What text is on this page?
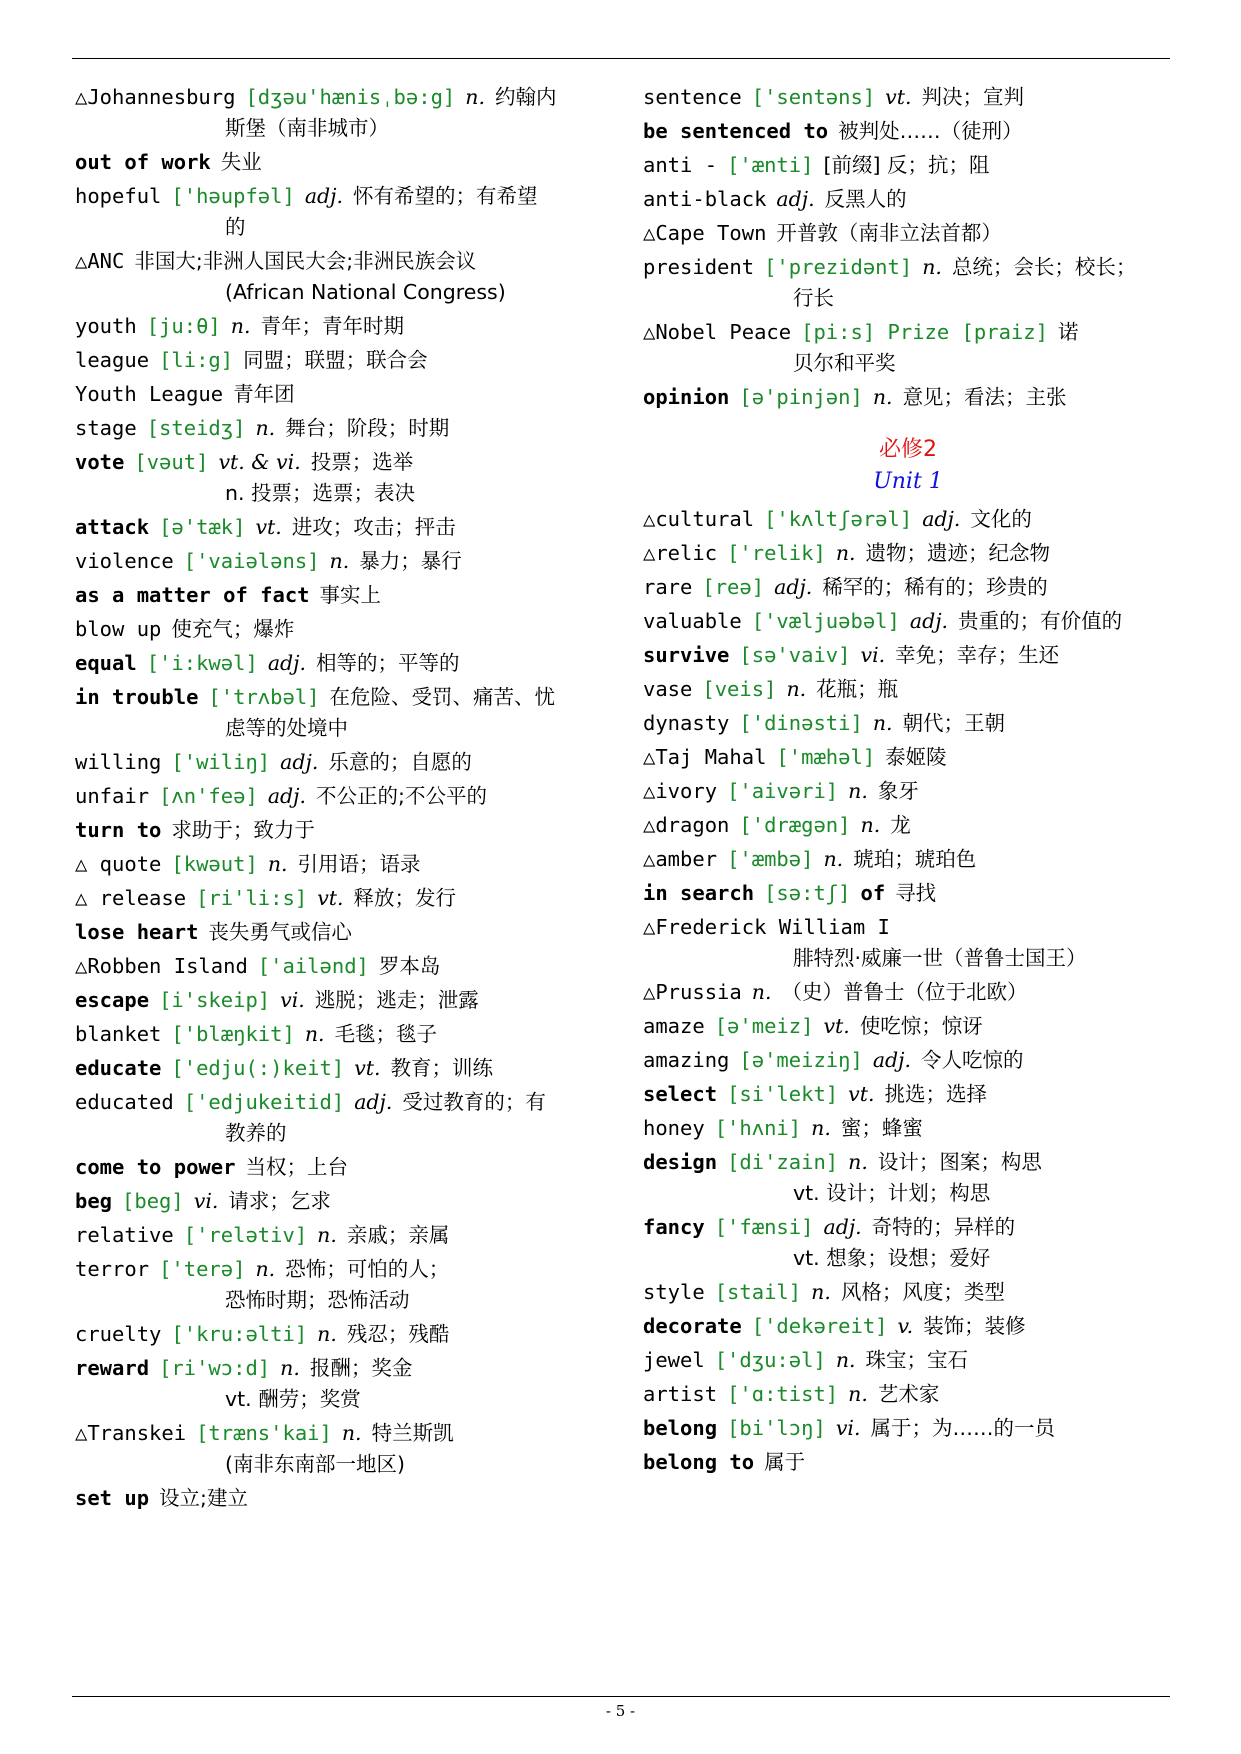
△Johannesburg [dʒəu'hænisˌbə:g] n. 约翰内
斯堡（南非城市）
out of work 失业
hopeful ['həupfəl] adj. 怀有希望的；有希望
的
△ANC 非国大;非洲人国民大会;非洲民族会议
(African National Congress)
youth [ju:θ] n. 青年；青年时期
league [li:g] 同盟；联盟；联合会
Youth League 青年团
stage [steidʒ] n. 舞台；阶段；时期
vote [vəut] vt. & vi. 投票；选举
n. 投票；选票；表决
attack [ə'tæk] vt. 进攻；攻击；抨击
violence ['vaiələns] n. 暴力；暴行
as a matter of fact 事实上
blow up 使充气；爆炸
equal ['i:kwəl] adj. 相等的；平等的
in trouble ['trʌbəl] 在危险、受罚、痛苦、忧
虑等的处境中
willing ['wiliŋ] adj. 乐意的；自愿的
unfair [ʌn'feə] adj. 不公正的;不公平的
turn to 求助于；致力于
△ quote [kwəut] n. 引用语；语录
△ release [ri'li:s] vt. 释放；发行
lose heart 丧失勇气或信心
△Robben Island ['ailənd] 罗本岛
escape [i'skeip] vi. 逃脱；逃走；泄露
blanket ['blæŋkit] n. 毛毯；毯子
educate ['edju(:)keit] vt. 教育；训练
educated ['edjukeitid] adj. 受过教育的；有
教养的
come to power 当权；上台
beg [beg] vi. 请求；乞求
relative ['relətiv] n. 亲戚；亲属
terror ['terə] n. 恐怖；可怕的人；
恐怖时期；恐怖活动
cruelty ['kru:əlti] n. 残忍；残酷
reward [ri'wɔ:d] n. 报酬；奖金
vt. 酬劳；奖赏
△Transkei [træns'kai] n. 特兰斯凯
(南非东南部一地区)
set up 设立;建立
sentence ['sentəns] vt. 判决；宣判
be sentenced to 被判处……（徒刑）
anti - ['ænti] [前缀] 反；抗；阻
anti-black adj. 反黑人的
△Cape Town 开普敦（南非立法首都）
president ['prezidənt] n. 总统；会长；校长；
行长
△Nobel Peace [pi:s] Prize [praiz] 诺
贝尔和平奖
opinion [ə'pinjən] n. 意见；看法；主张
必修2
Unit 1
△cultural ['kʌltʃərəl] adj. 文化的
△relic ['relik] n. 遗物；遗迹；纪念物
rare [reə] adj. 稀罕的；稀有的；珍贵的
valuable ['væljuəbəl] adj. 贵重的；有价值的
survive [sə'vaiv] vi. 幸免；幸存；生还
vase [veis] n. 花瓶；瓶
dynasty ['dinəsti] n. 朝代；王朝
△Taj Mahal ['mæhəl] 泰姬陵
△ivory ['aivəri] n. 象牙
△dragon ['drægən] n. 龙
△amber ['æmbə] n. 琥珀；琥珀色
in search [sə:tʃ] of 寻找
△Frederick William I
腓特烈·威廉一世（普鲁士国王）
△Prussia n. （史）普鲁士（位于北欧）
amaze [ə'meiz] vt. 使吃惊；惊讶
amazing [ə'meiziŋ] adj. 令人吃惊的
select [si'lekt] vt. 挑选；选择
honey ['hʌni] n. 蜜；蜂蜜
design [di'zain] n. 设计；图案；构思
vt. 设计；计划；构思
fancy ['fænsi] adj. 奇特的；异样的
vt. 想象；设想；爱好
style [stail] n. 风格；风度；类型
decorate ['dekəreit] v. 装饰；装修
jewel ['dʒu:əl] n. 珠宝；宝石
artist ['ɑ:tist] n. 艺术家
belong [bi'lɔŋ] vi. 属于；为……的一员
belong to 属于
- 5 -
